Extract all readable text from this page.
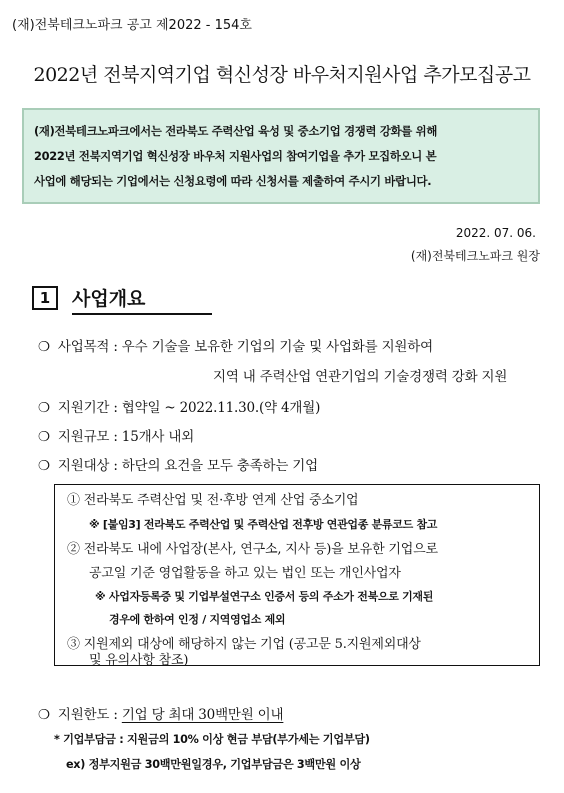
(재)전북테크노파크 공고 제2022 - 154호
2022년 전북지역기업 혁신성장 바우처지원사업 추가모집공고
(재)전북테크노파크에서는 전라북도 주력산업 육성 및 중소기업 경쟁력 강화를 위해
2022년 전북지역기업 혁신성장 바우처 지원사업의 참여기업을 추가 모집하오니 본
사업에 해당되는 기업에서는 신청요령에 따라 신청서를 제출하여 주시기 바랍니다.
2022. 07. 06.
(재)전북테크노파크 원장
1	사업개요
❍ 사업목적 : 우수 기술을 보유한 기업의 기술 및 사업화를 지원하여
지역 내 주력산업 연관기업의 기술경쟁력 강화 지원
❍ 지원기간 : 협약일 ~ 2022.11.30.(약 4개월)
❍ 지원규모 : 15개사 내외
❍ 지원대상 : 하단의 요건을 모두 충족하는 기업
① 전라북도 주력산업 및 전·후방 연계 산업 중소기업
※ [붙임3] 전라북도 주력산업 및 주력산업 전후방 연관업종 분류코드 참고
② 전라북도 내에 사업장(본사, 연구소, 지사 등)을 보유한 기업으로
공고일 기준 영업활동을 하고 있는 법인 또는 개인사업자
※ 사업자등록증 및 기업부설연구소 인증서 등의 주소가 전북으로 기재된
경우에 한하여 인정 / 지역영업소 제외
③ 지원제외 대상에 해당하지 않는 기업 (공고문 5.지원제외대상
및 유의사항 참조)
❍ 지원한도 : 기업 당 최대 30백만원 이내
* 기업부담금 : 지원금의 10% 이상 현금 부담(부가세는 기업부담)
ex) 정부지원금 30백만원일경우, 기업부담금은 3백만원 이상
